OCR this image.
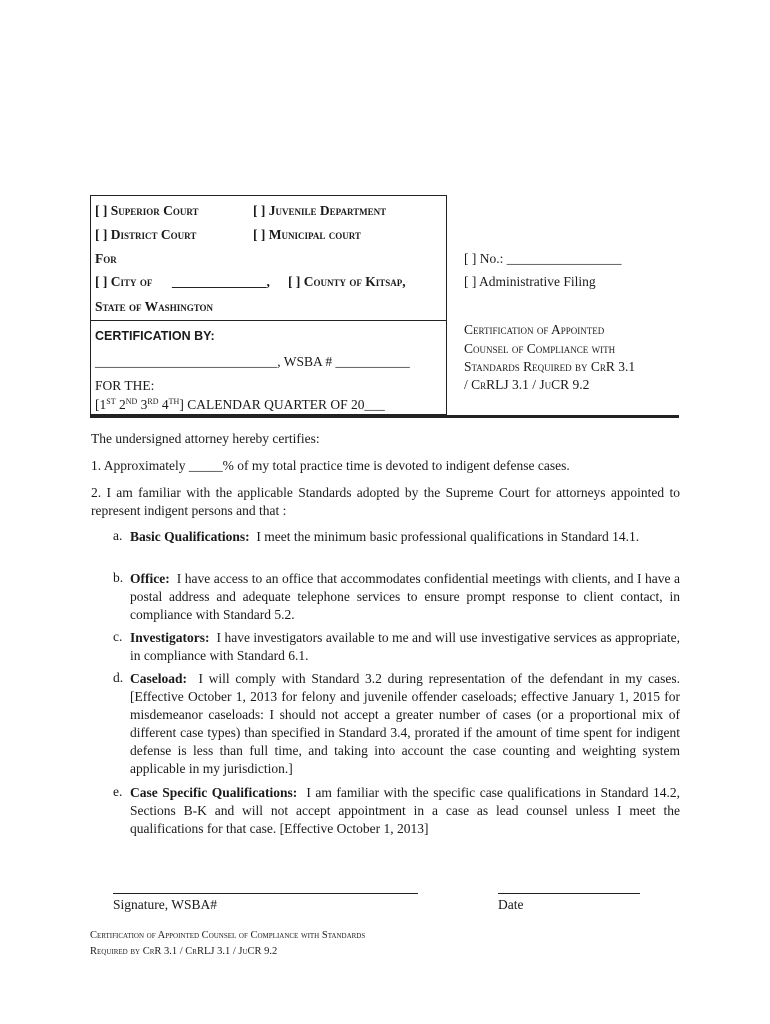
[ ] Superior Court	[ ] Juvenile Department
[ ] District Court	[ ] Municipal court
For
[ ] City of ______________, [ ] County of Kitsap,
State of Washington
CERTIFICATION BY:
___________________________, WSBA # ___________
FOR THE:
[1ST 2ND 3RD 4TH] CALENDAR QUARTER OF 20___
[ ] No.: _________________
[ ] Administrative Filing
Certification of Appointed
Counsel of Compliance with
Standards Required by CrR 3.1
/ CrRLJ 3.1 / JuCR 9.2
The undersigned attorney hereby certifies:
1. Approximately _____% of my total practice time is devoted to indigent defense cases.
2. I am familiar with the applicable Standards adopted by the Supreme Court for attorneys appointed to represent indigent persons and that :
a. Basic Qualifications: I meet the minimum basic professional qualifications in Standard 14.1.
b. Office: I have access to an office that accommodates confidential meetings with clients, and I have a postal address and adequate telephone services to ensure prompt response to client contact, in compliance with Standard 5.2.
c. Investigators: I have investigators available to me and will use investigative services as appropriate, in compliance with Standard 6.1.
d. Caseload: I will comply with Standard 3.2 during representation of the defendant in my cases. [Effective October 1, 2013 for felony and juvenile offender caseloads; effective January 1, 2015 for misdemeanor caseloads: I should not accept a greater number of cases (or a proportional mix of different case types) than specified in Standard 3.4, prorated if the amount of time spent for indigent defense is less than full time, and taking into account the case counting and weighting system applicable in my jurisdiction.]
e. Case Specific Qualifications: I am familiar with the specific case qualifications in Standard 14.2, Sections B-K and will not accept appointment in a case as lead counsel unless I meet the qualifications for that case. [Effective October 1, 2013]
Signature, WSBA#	Date
Certification of Appointed Counsel of Compliance with Standards
Required by CrR 3.1 / CrRLJ 3.1 / JuCR 9.2
